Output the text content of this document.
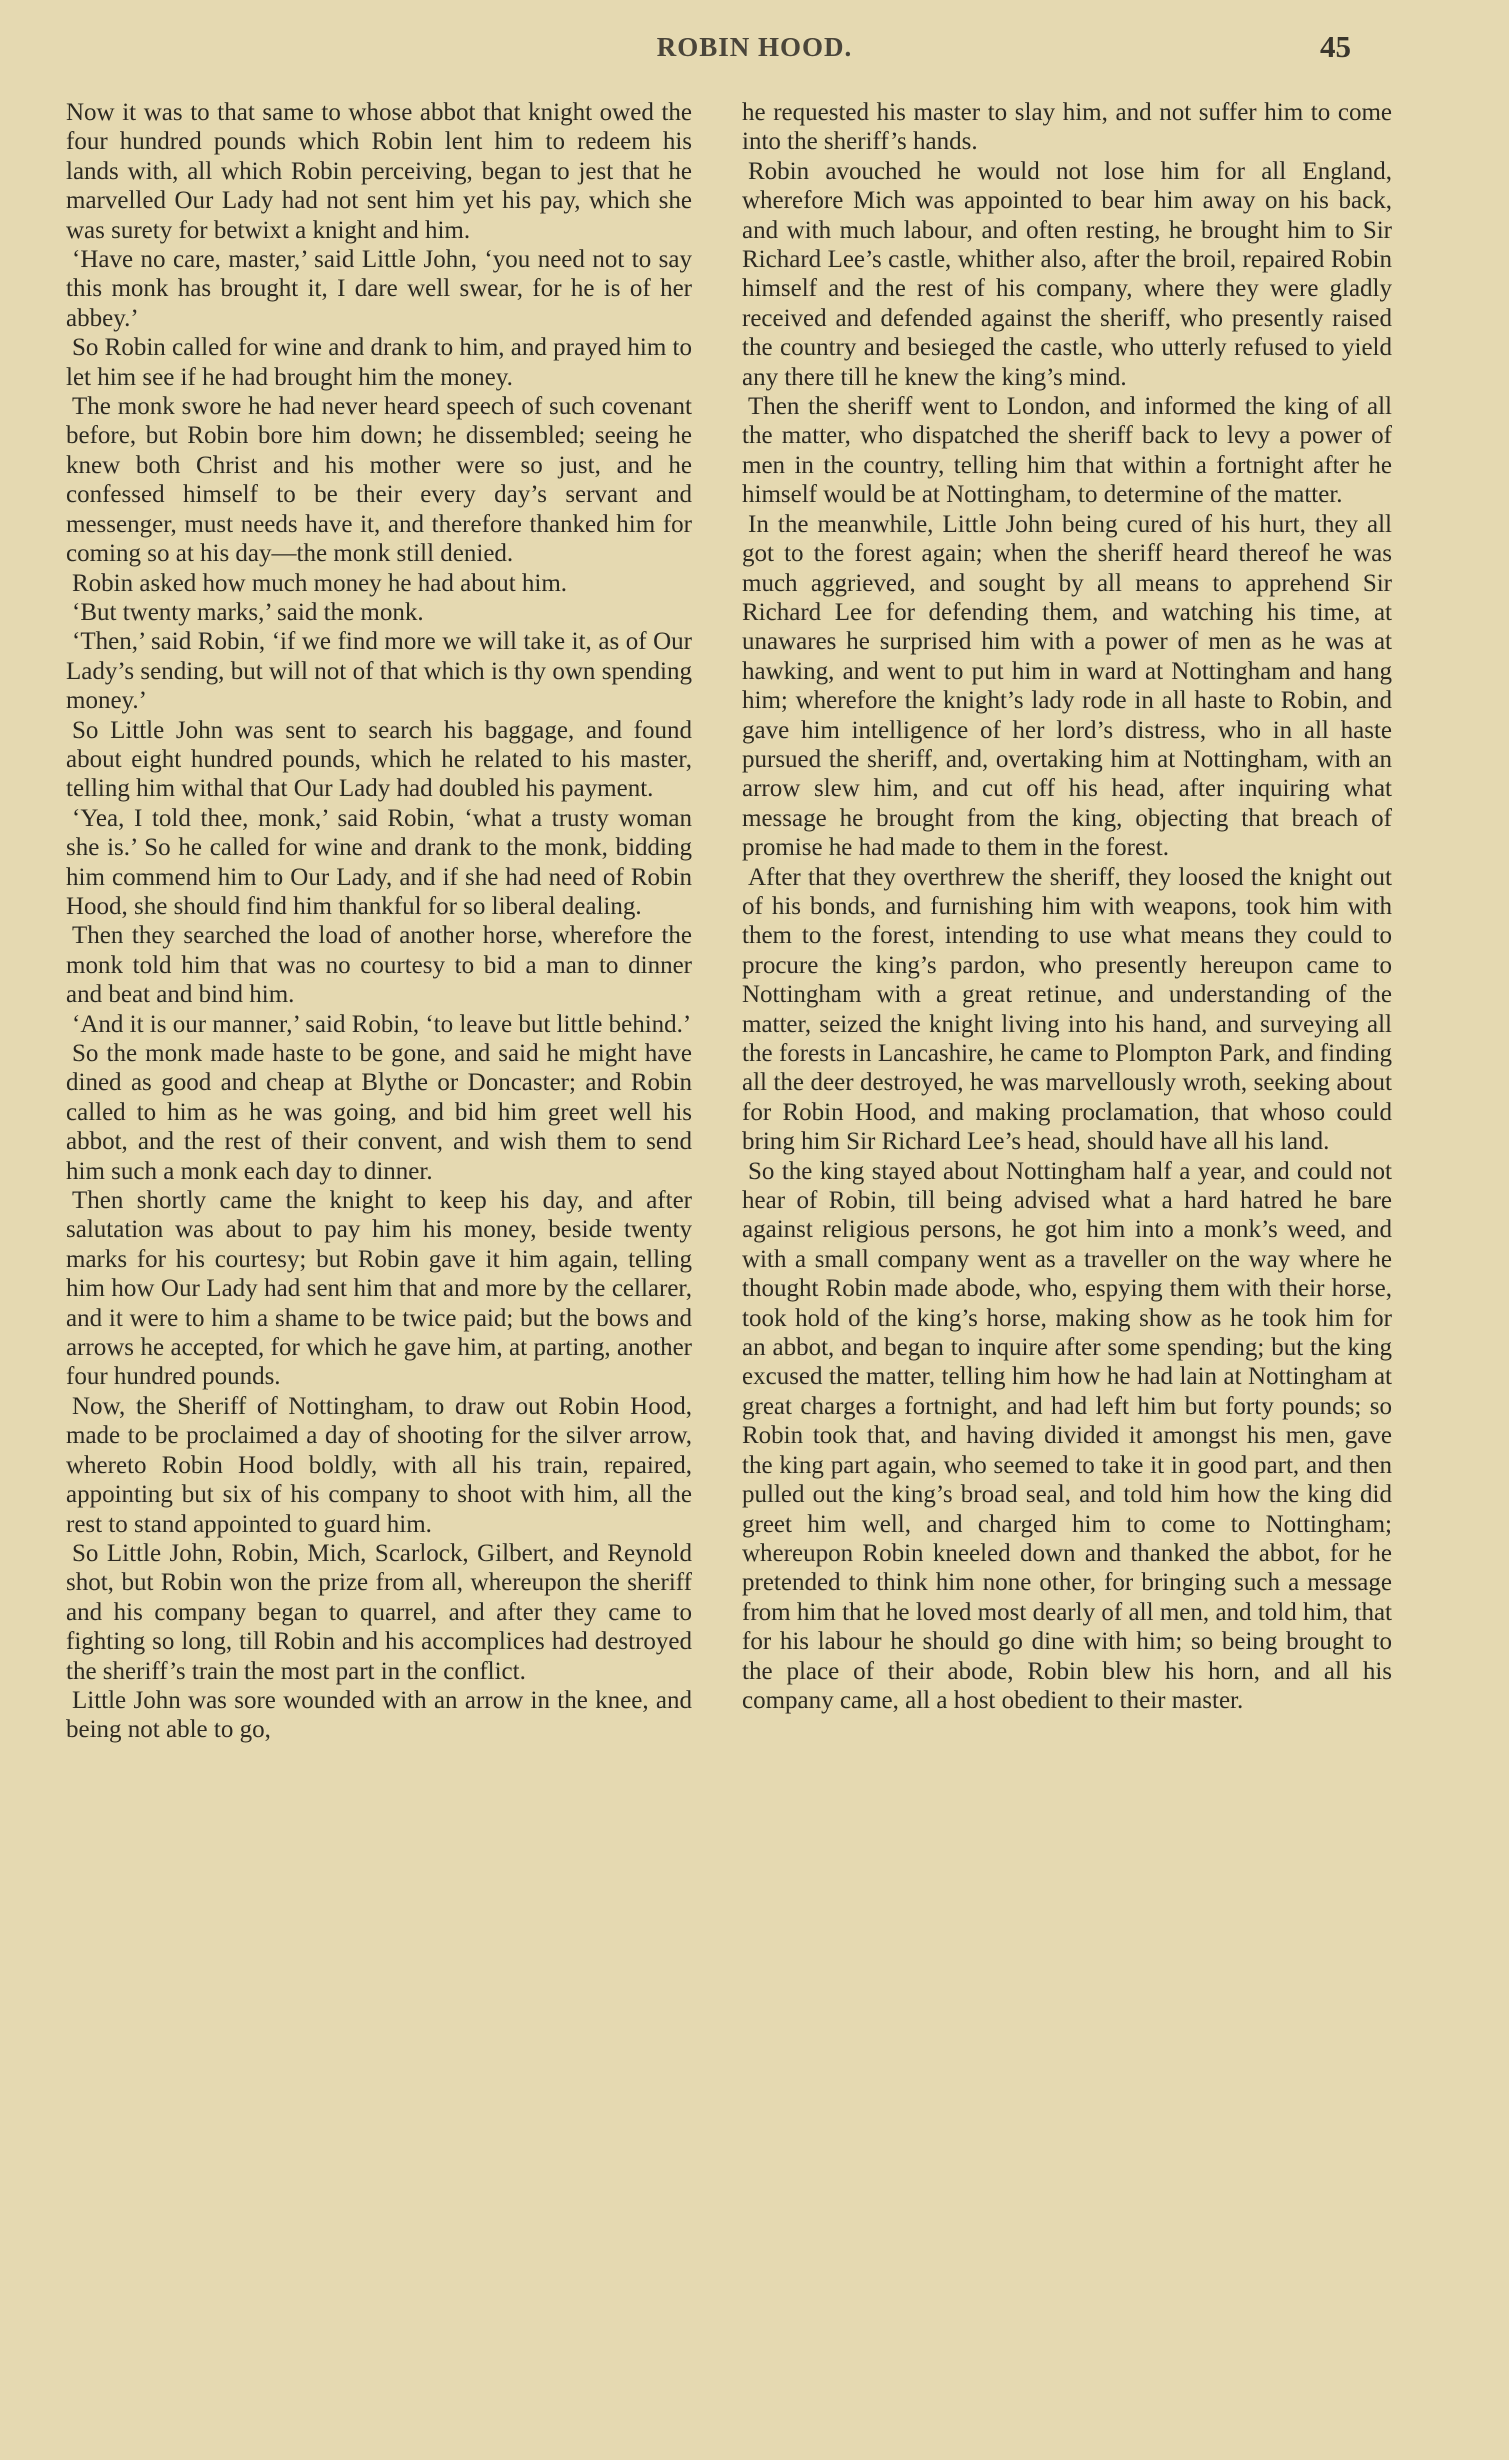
ROBIN HOOD.	45

Now it was to that same to whose abbot that knight owed the four hundred pounds which Robin lent him to redeem his lands with, all which Robin perceiving, began to jest that he marvelled Our Lady had not sent him yet his pay, which she was surety for betwixt a knight and him.

‘Have no care, master,’ said Little John, ‘you need not to say this monk has brought it, I dare well swear, for he is of her abbey.’

So Robin called for wine and drank to him, and prayed him to let him see if he had brought him the money.

The monk swore he had never heard speech of such covenant before, but Robin bore him down; he dissembled; seeing he knew both Christ and his mother were so just, and he confessed himself to be their every day’s servant and messenger, must needs have it, and therefore thanked him for coming so at his day—the monk still denied.

Robin asked how much money he had about him.

‘But twenty marks,’ said the monk.

‘Then,’ said Robin, ‘if we find more we will take it, as of Our Lady’s sending, but will not of that which is thy own spending money.’

So Little John was sent to search his baggage, and found about eight hundred pounds, which he related to his master, telling him withal that Our Lady had doubled his payment.

‘Yea, I told thee, monk,’ said Robin, ‘what a trusty woman she is.’ So he called for wine and drank to the monk, bidding him commend him to Our Lady, and if she had need of Robin Hood, she should find him thankful for so liberal dealing.

Then they searched the load of another horse, wherefore the monk told him that was no courtesy to bid a man to dinner and beat and bind him.

‘And it is our manner,’ said Robin, ‘to leave but little behind.’

So the monk made haste to be gone, and said he might have dined as good and cheap at Blythe or Doncaster; and Robin called to him as he was going, and bid him greet well his abbot, and the rest of their convent, and wish them to send him such a monk each day to dinner.

Then shortly came the knight to keep his day, and after salutation was about to pay him his money, beside twenty marks for his courtesy; but Robin gave it him again, telling him how Our Lady had sent him that and more by the cellarer, and it were to him a shame to be twice paid; but the bows and arrows he accepted, for which he gave him, at parting, another four hundred pounds.

Now, the Sheriff of Nottingham, to draw out Robin Hood, made to be proclaimed a day of shooting for the silver arrow, whereto Robin Hood boldly, with all his train, repaired, appointing but six of his company to shoot with him, all the rest to stand appointed to guard him.

So Little John, Robin, Mich, Scarlock, Gilbert, and Reynold shot, but Robin won the prize from all, whereupon the sheriff and his company began to quarrel, and after they came to fighting so long, till Robin and his accomplices had destroyed the sheriff’s train the most part in the conflict.

Little John was sore wounded with an arrow in the knee, and being not able to go,

he requested his master to slay him, and not suffer him to come into the sheriff’s hands.

Robin avouched he would not lose him for all England, wherefore Mich was appointed to bear him away on his back, and with much labour, and often resting, he brought him to Sir Richard Lee’s castle, whither also, after the broil, repaired Robin himself and the rest of his company, where they were gladly received and defended against the sheriff, who presently raised the country and besieged the castle, who utterly refused to yield any there till he knew the king’s mind.

Then the sheriff went to London, and informed the king of all the matter, who dispatched the sheriff back to levy a power of men in the country, telling him that within a fortnight after he himself would be at Nottingham, to determine of the matter.

In the meanwhile, Little John being cured of his hurt, they all got to the forest again; when the sheriff heard thereof he was much aggrieved, and sought by all means to apprehend Sir Richard Lee for defending them, and watching his time, at unawares he surprised him with a power of men as he was at hawking, and went to put him in ward at Nottingham and hang him; wherefore the knight’s lady rode in all haste to Robin, and gave him intelligence of her lord’s distress, who in all haste pursued the sheriff, and, overtaking him at Nottingham, with an arrow slew him, and cut off his head, after inquiring what message he brought from the king, objecting that breach of promise he had made to them in the forest.

After that they overthrew the sheriff, they loosed the knight out of his bonds, and furnishing him with weapons, took him with them to the forest, intending to use what means they could to procure the king’s pardon, who presently hereupon came to Nottingham with a great retinue, and understanding of the matter, seized the knight living into his hand, and surveying all the forests in Lancashire, he came to Plompton Park, and finding all the deer destroyed, he was marvellously wroth, seeking about for Robin Hood, and making proclamation, that whoso could bring him Sir Richard Lee’s head, should have all his land.

So the king stayed about Nottingham half a year, and could not hear of Robin, till being advised what a hard hatred he bare against religious persons, he got him into a monk’s weed, and with a small company went as a traveller on the way where he thought Robin made abode, who, espying them with their horse, took hold of the king’s horse, making show as he took him for an abbot, and began to inquire after some spending; but the king excused the matter, telling him how he had lain at Nottingham at great charges a fortnight, and had left him but forty pounds; so Robin took that, and having divided it amongst his men, gave the king part again, who seemed to take it in good part, and then pulled out the king’s broad seal, and told him how the king did greet him well, and charged him to come to Nottingham; whereupon Robin kneeled down and thanked the abbot, for he pretended to think him none other, for bringing such a message from him that he loved most dearly of all men, and told him, that for his labour he should go dine with him; so being brought to the place of their abode, Robin blew his horn, and all his company came, all a host obedient to their master.
